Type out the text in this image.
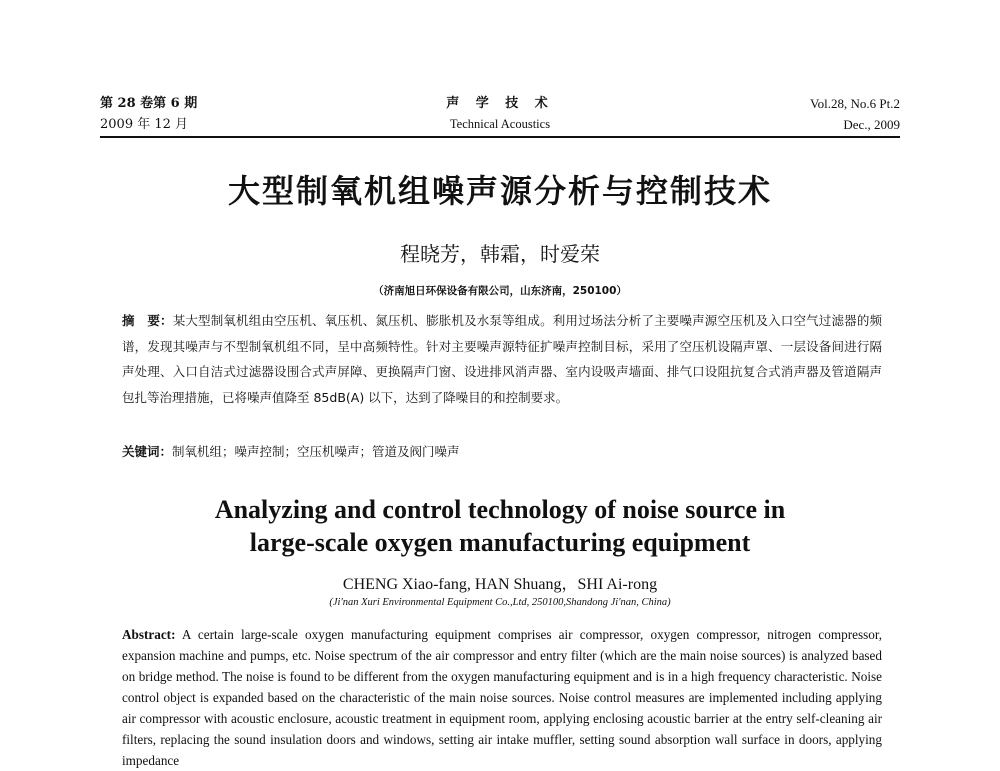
第 28 卷第 6 期
2009 年 12 月
声 学 技 术
Technical Acoustics
Vol.28, No.6 Pt.2
Dec., 2009
大型制氧机组噪声源分析与控制技术
程晓芳，韩霜，时爱荣
（济南旭日环保设备有限公司，山东济南，250100）
摘　要：某大型制氧机组由空压机、氧压机、氮压机、膨胀机及水泵等组成。利用过场法分析了主要噪声源空压机及入口空气过滤器的频谱，发现其噪声与不型制氧机组不同，呈中高频特性。针对主要噪声源特征扩噪声控制目标，采用了空压机设隔声罩、一层设备间进行隔声处理、入口自洁式过滤器设围合式声屏障、更换隔声门窗、设进排风消声器、室内设吸声墙面、排气口设阻抗复合式消声器及管道隔声包扎等治理措施，已将噪声值降至 85dB(A) 以下，达到了降噪目的和控制要求。
关键词：制氧机组；噪声控制；空压机噪声；管道及阀门噪声
Analyzing and control technology of noise source in
large-scale oxygen manufacturing equipment
CHENG Xiao-fang, HAN Shuang，SHI Ai-rong
(Ji'nan Xuri Environmental Equipment Co.,Ltd, 250100,Shandong Ji'nan, China)
Abstract: A certain large-scale oxygen manufacturing equipment comprises air compressor, oxygen compressor, nitrogen compressor, expansion machine and pumps, etc. Noise spectrum of the air compressor and entry filter (which are the main noise sources) is analyzed based on bridge method. The noise is found to be different from the oxygen manufacturing equipment and is in a high frequency characteristic. Noise control object is expanded based on the characteristic of the main noise sources. Noise control measures are implemented including applying air compressor with acoustic enclosure, acoustic treatment in equipment room, applying enclosing acoustic barrier at the entry self-cleaning air filters, replacing the sound insulation doors and windows, setting air intake muffler, setting sound absorption wall surface in doors, applying impedance
